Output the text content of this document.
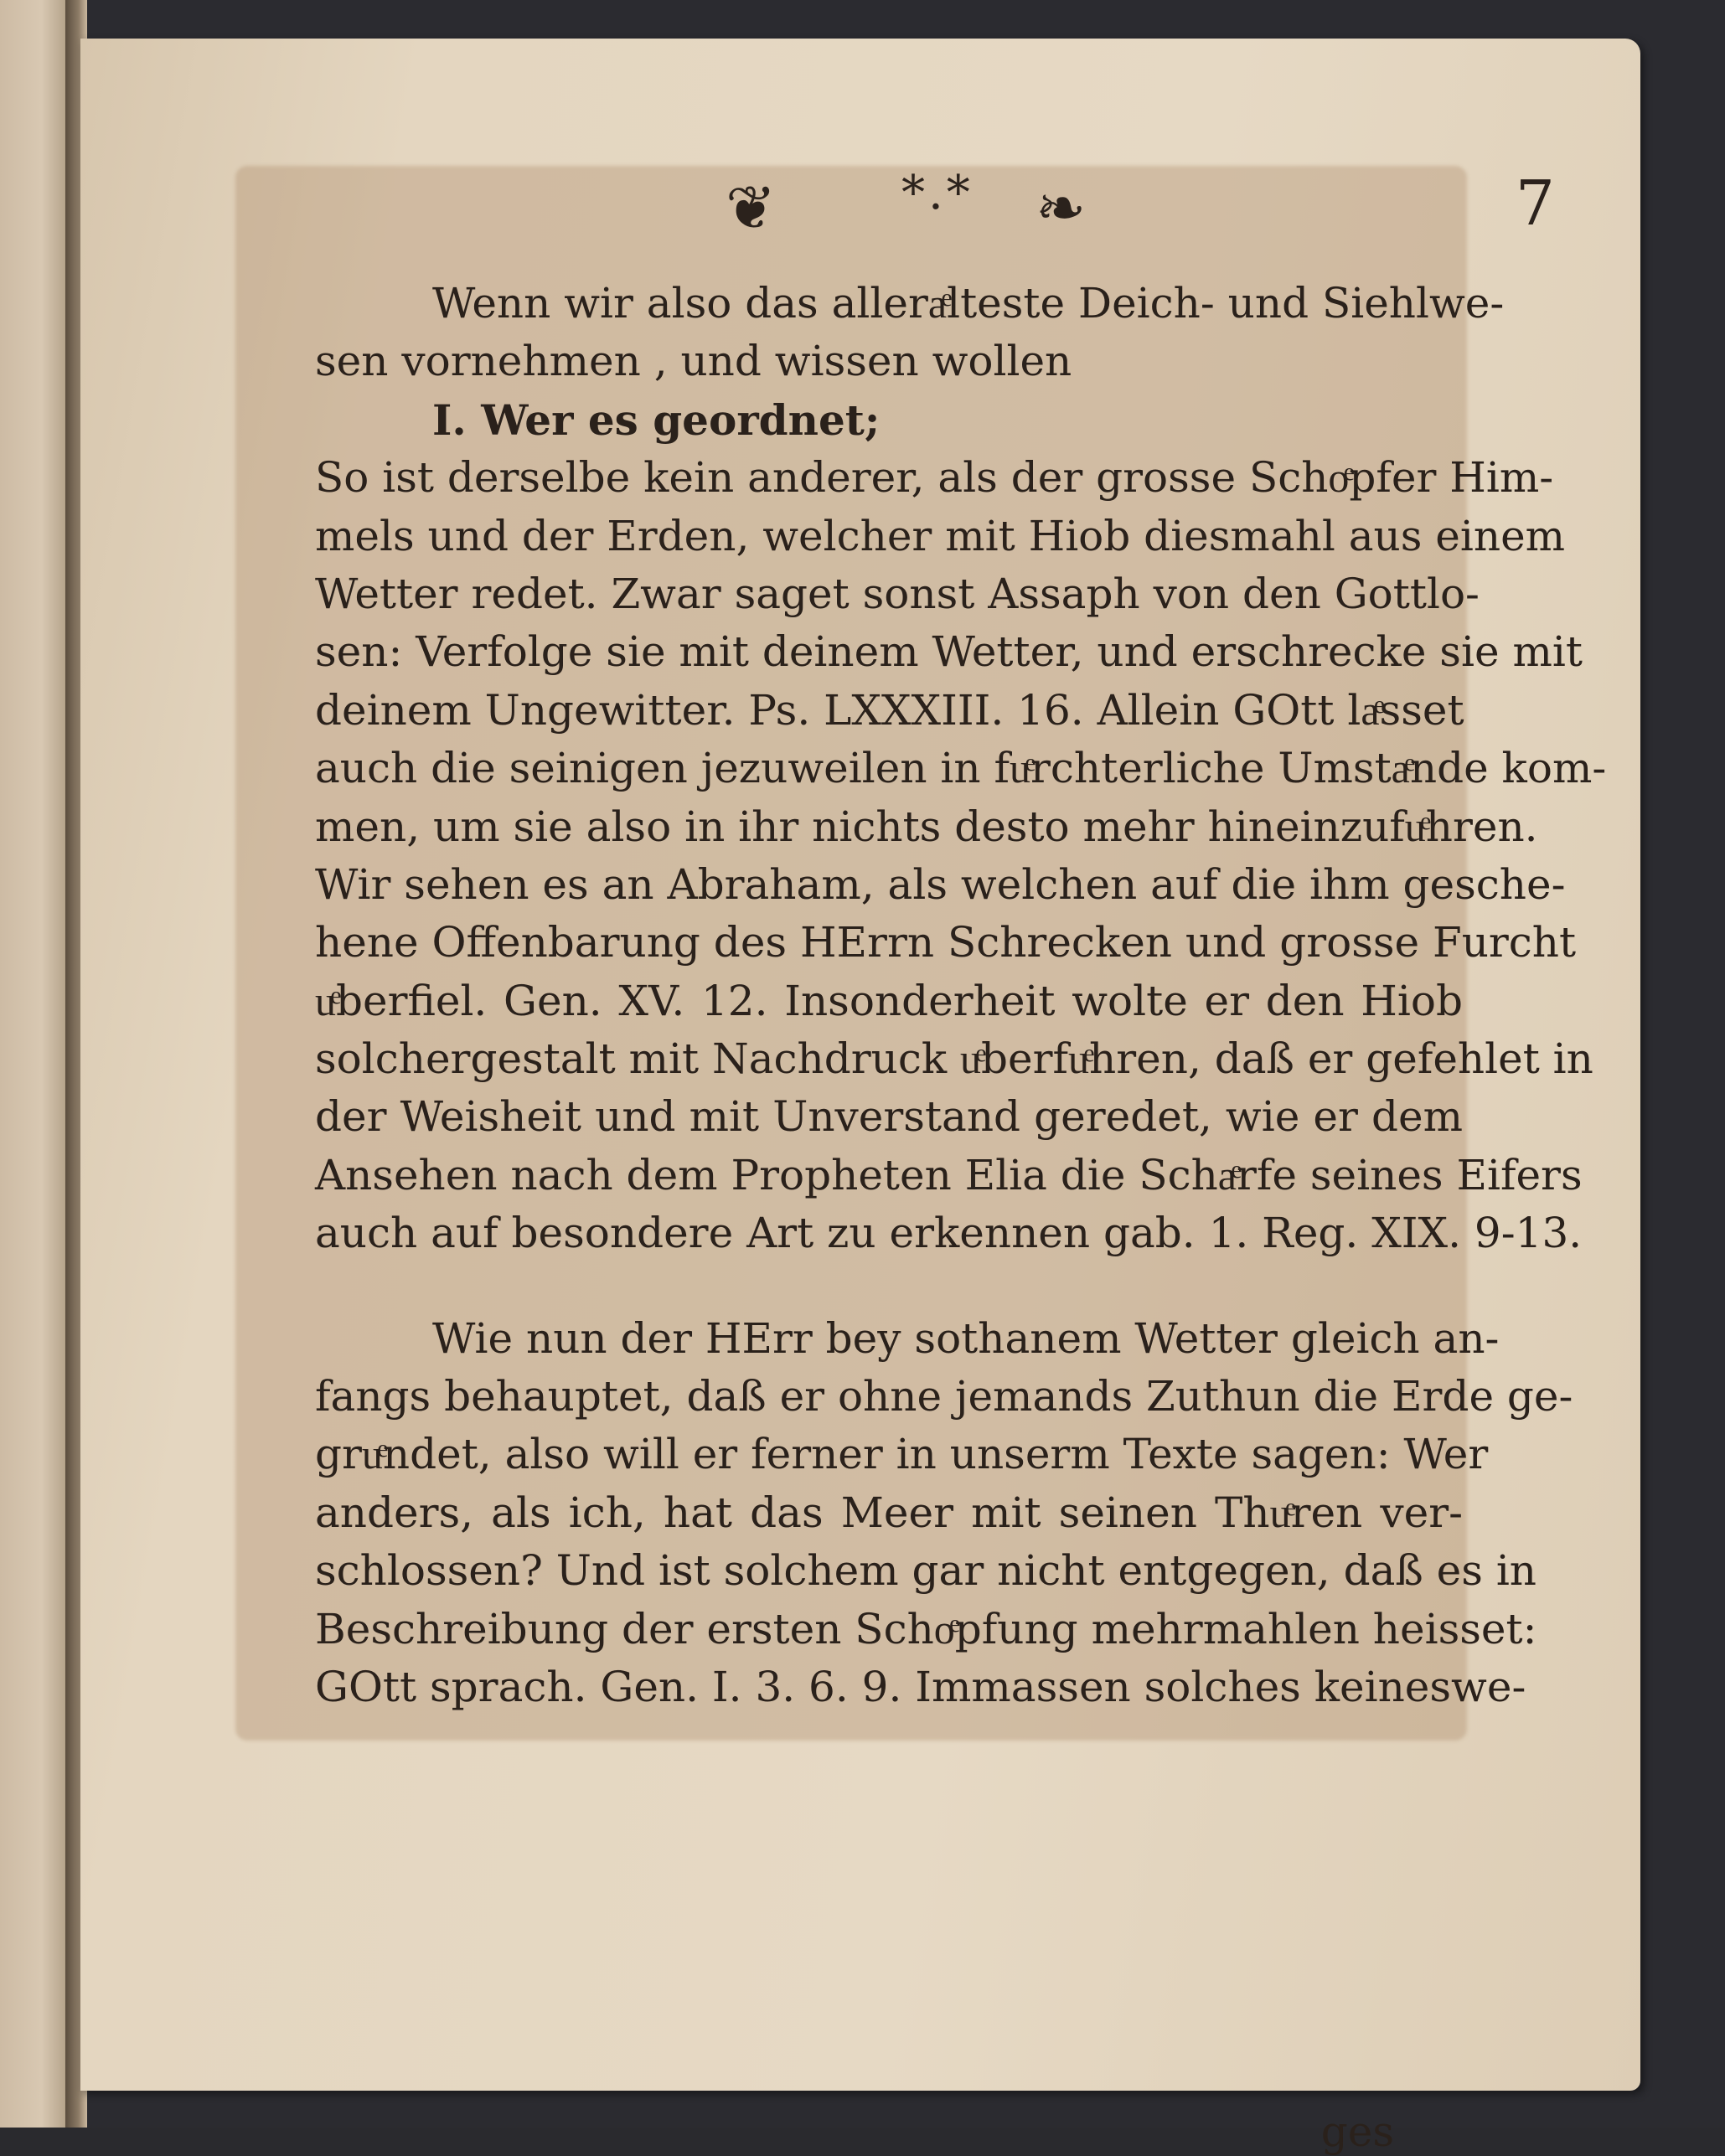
❦	*.* ❧	7
Wenn wir also das alleraͤlteste Deich- und Siehlwe-
sen vornehmen , und wissen wollen
I. Wer es geordnet;
So ist derselbe kein anderer, als der grosse Schoͤpfer Him-
mels und der Erden, welcher mit Hiob diesmahl aus einem
Wetter redet. Zwar saget sonst Assaph von den Gottlo-
sen: Verfolge sie mit deinem Wetter, und erschrecke sie mit
deinem Ungewitter. Ps. LXXXIII. 16. Allein GOtt laͤsset
auch die seinigen jezuweilen in fuͤrchterliche Umstaͤnde kom-
men, um sie also in ihr nichts desto mehr hineinzufuͤhren.
Wir sehen es an Abraham, als welchen auf die ihm gesche-
hene Offenbarung des HErrn Schrecken und grosse Furcht
uͤberfiel. Gen. XV. 12. Insonderheit wolte er den Hiob
solchergestalt mit Nachdruck uͤberfuͤhren, daß er gefehlet in
der Weisheit und mit Unverstand geredet, wie er dem
Ansehen nach dem Propheten Elia die Schaͤrfe seines Eifers
auch auf besondere Art zu erkennen gab. 1. Reg. XIX. 9-13.
Wie nun der HErr bey sothanem Wetter gleich an-
fangs behauptet, daß er ohne jemands Zuthun die Erde ge-
gruͤndet, also will er ferner in unserm Texte sagen: Wer
anders, als ich, hat das Meer mit seinen Thuͤren ver-
schlossen? Und ist solchem gar nicht entgegen, daß es in
Beschreibung der ersten Schoͤpfung mehrmahlen heisset:
GOtt sprach. Gen. I. 3. 6. 9. Immassen solches keineswe-
ges
